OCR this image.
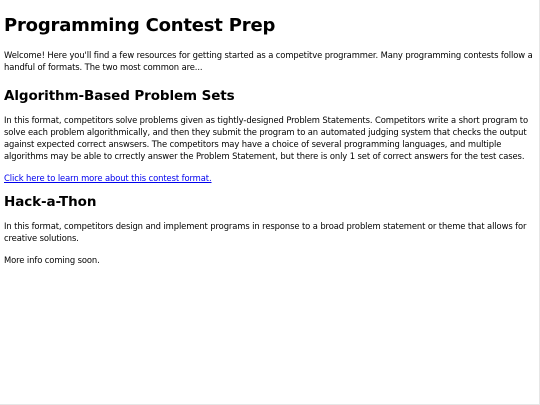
Programming Contest Prep

Welcome! Here you'll find a few resources for getting started as a competitve programmer. Many programming contests follow a handful of formats. The two most common are...

Algorithm-Based Problem Sets

In this format, competitors solve problems given as tightly-designed Problem Statements. Competitors write a short program to solve each problem algorithmically, and then they submit the program to an automated judging system that checks the output against expected correct answsers. The competitors may have a choice of several programming languages, and multiple algorithms may be able to crrectly answer the Problem Statement, but there is only 1 set of correct answers for the test cases.

Click here to learn more about this contest format.

Hack-a-Thon

In this format, competitors design and implement programs in response to a broad problem statement or theme that allows for creative solutions.

More info coming soon.
